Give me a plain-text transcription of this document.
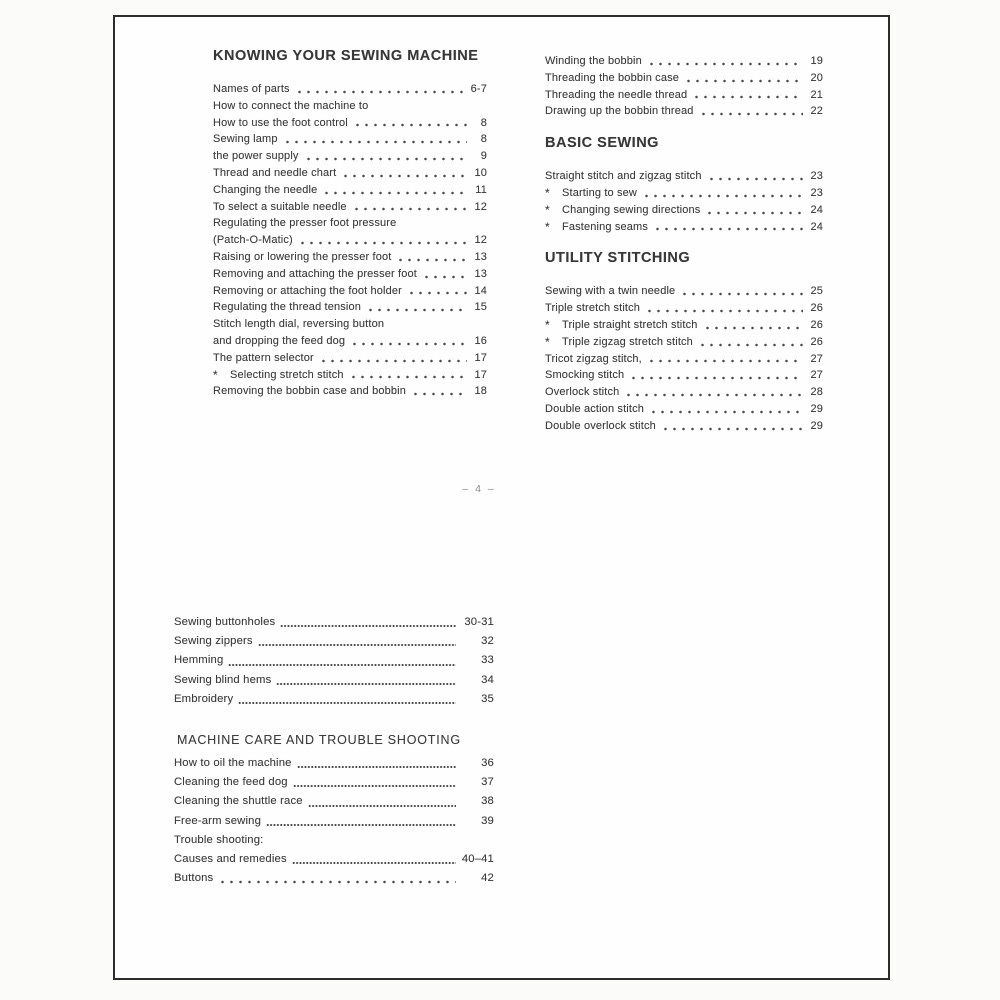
KNOWING YOUR SEWING MACHINE
Names of parts	6-7
How to connect the machine to
How to use the foot control	8
Sewing lamp	8
the power supply	9
Thread and needle chart	10
Changing the needle	11
To select a suitable needle	12
Regulating the presser foot pressure
(Patch-O-Matic)	12
Raising or lowering the presser foot	13
Removing and attaching the presser foot	13
Removing or attaching the foot holder	14
Regulating the thread tension	15
Stitch length dial, reversing button
and dropping the feed dog	16
The pattern selector	17
*	Selecting stretch stitch	17
Removing the bobbin case and bobbin	18
Winding the bobbin	19
Threading the bobbin case	20
Threading the needle thread	21
Drawing up the bobbin thread	22
BASIC SEWING
Straight stitch and zigzag stitch	23
*	Starting to sew	23
*	Changing sewing directions	24
*	Fastening seams	24
UTILITY STITCHING
Sewing with a twin needle	25
Triple stretch stitch	26
*	Triple straight stretch stitch	26
*	Triple zigzag stretch stitch	26
Tricot zigzag stitch,	27
Smocking stitch	27
Overlock stitch	28
Double action stitch	29
Double overlock stitch	29
– 4 –
Sewing buttonholes	30-31
Sewing zippers	32
Hemming	33
Sewing blind hems	34
Embroidery	35
MACHINE CARE AND TROUBLE SHOOTING
How to oil the machine	36
Cleaning the feed dog	37
Cleaning the shuttle race	38
Free-arm sewing	39
Trouble shooting:
Causes and remedies	40–41
Buttons	42
